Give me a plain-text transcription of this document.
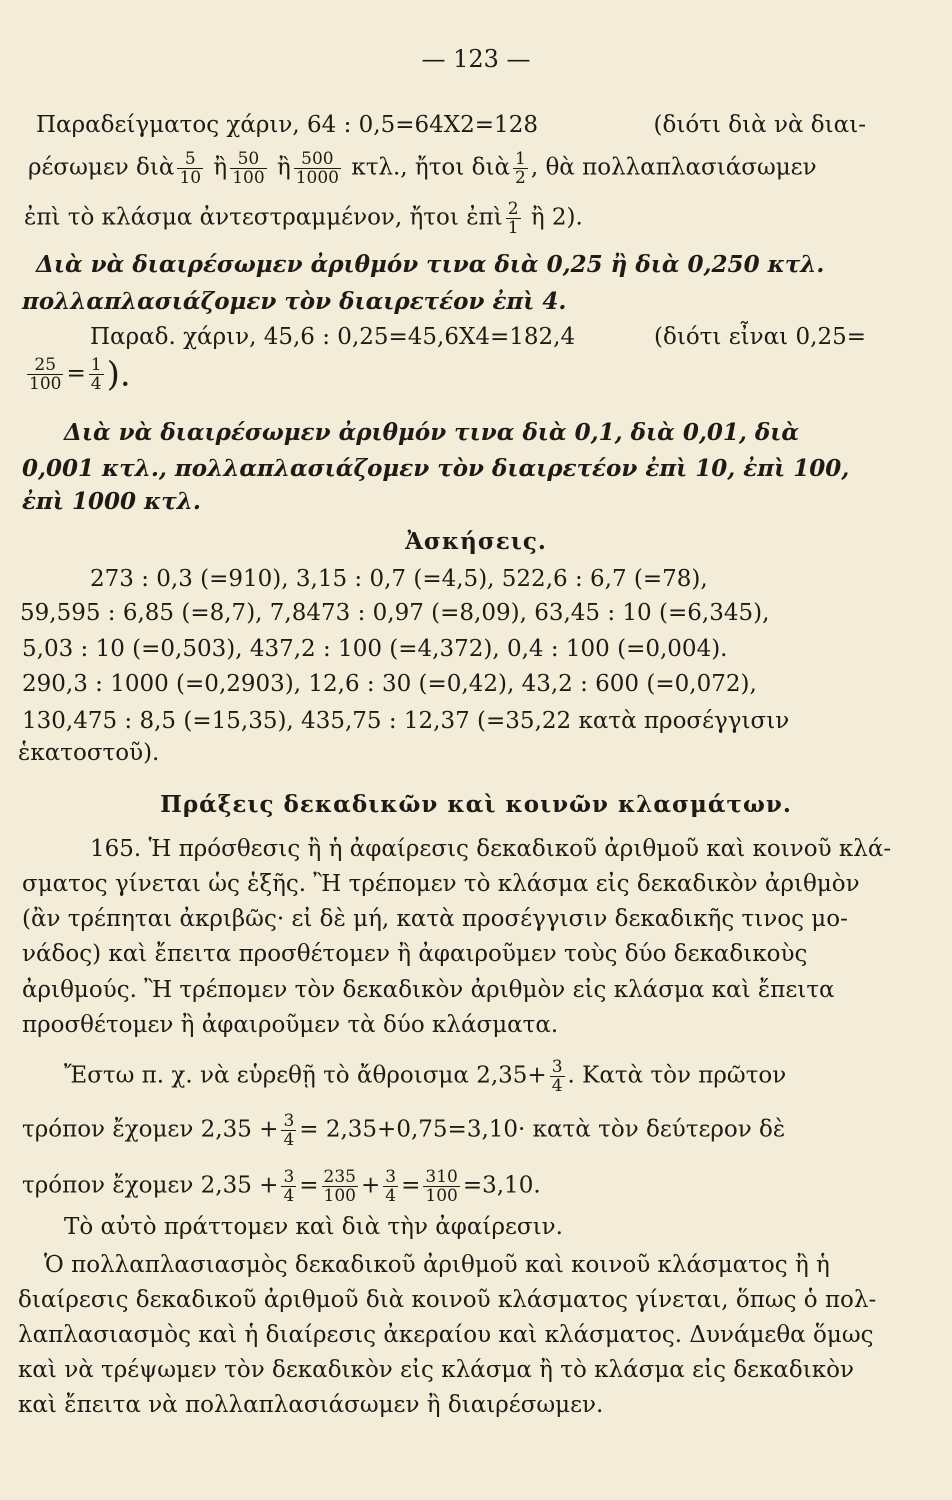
— 123 —
Παραδείγματος χάριν, 64 : 0,5=64Χ2=128	(διότι διὰ νὰ διαι-
ρέσωμεν διὰ $\frac{5}{10}$ ἢ $\frac{50}{100}$ ἢ $\frac{500}{1000} \kappa\tau\lambda$., ἤτοι διὰ $\frac{1}{2}$ , θὰ πολλαπλασιάσωμεν
ἐπὶ τὸ κλάσμα ἀντεστραμμένον, ἤτοι ἐπὶ $\frac{2}{1}$ ἢ 2).
Διὰ νὰ διαιρέσωμεν ἀριθμόν τινα διὰ 0,25 ἢ διὰ 0,250 κτλ.
πολλαπλασιάζομεν τὸν διαιρετέον ἐπὶ 4.
Παραδ. χάριν, 45,6 : 0,25=45,6Χ4=182,4	(διότι εἶναι 0,25=
$\frac{25}{100} = \frac{1}{4}$ ).
Διὰ νὰ διαιρέσωμεν ἀριθμόν τινα διὰ 0,1, διὰ 0,01, διὰ
0,001 κτλ., πολλαπλασιάζομεν τὸν διαιρετέον ἐπὶ 10, ἐπὶ 100,
ἐπὶ 1000 κτλ.
Ἀσκήσεις.
273 : 0,3 (=910), 3,15 : 0,7 (=4,5), 522,6 : 6,7 (=78),
59,595 : 6,85 (=8,7), 7,8473 : 0,97 (=8,09), 63,45 : 10 (=6,345),
5,03 : 10 (=0,503), 437,2 : 100 (=4,372), 0,4 : 100 (=0,004).
290,3 : 1000 (=0,2903), 12,6 : 30 (=0,42), 43,2 : 600 (=0,072),
130,475 : 8,5 (=15,35), 435,75 : 12,37 (=35,22 κατὰ προσέγγισιν
ἑκατοστοῦ).
Πράξεις δεκαδικῶν καὶ κοινῶν κλασμάτων.
165. Ἡ πρόσθεσις ἢ ἡ ἀφαίρεσις δεκαδικοῦ ἀριθμοῦ καὶ κοινοῦ κλά-
σματος γίνεται ὡς ἑξῆς. Ἢ τρέπομεν τὸ κλάσμα εἰς δεκαδικὸν ἀριθμὸν
(ἂν τρέπηται ἀκριβῶς· εἰ δὲ μή, κατὰ προσέγγισιν δεκαδικῆς τινος μο-
νάδος) καὶ ἔπειτα προσθέτομεν ἢ ἀφαιροῦμεν τοὺς δύο δεκαδικοὺς
ἀριθμούς. Ἢ τρέπομεν τὸν δεκαδικὸν ἀριθμὸν εἰς κλάσμα καὶ ἔπειτα
προσθέτομεν ἢ ἀφαιροῦμεν τὰ δύο κλάσματα.
Ἔστω π. χ. νὰ εὑρεθῇ τὸ ἄθροισμα $2,35+ \frac{3}{4}$ . Κατὰ τὸν πρῶτον
τρόπον ἔχομεν $2,35 + \frac{3}{4} = 2,35+0,75=3,10\cdot$ κατὰ τὸν δεύτερον δὲ
τρόπον ἔχομεν $2,35 + \frac{3}{4} = \frac{235}{100} + \frac{3}{4} = \frac{310}{100} =3,10$.
Τὸ αὐτὸ πράττομεν καὶ διὰ τὴν ἀφαίρεσιν.
Ὁ πολλαπλασιασμὸς δεκαδικοῦ ἀριθμοῦ καὶ κοινοῦ κλάσματος ἢ ἡ
διαίρεσις δεκαδικοῦ ἀριθμοῦ διὰ κοινοῦ κλάσματος γίνεται, ὅπως ὁ πολ-
λαπλασιασμὸς καὶ ἡ διαίρεσις ἀκεραίου καὶ κλάσματος. Δυνάμεθα ὅμως
καὶ νὰ τρέψωμεν τὸν δεκαδικὸν εἰς κλάσμα ἢ τὸ κλάσμα εἰς δεκαδικὸν
καὶ ἔπειτα νὰ πολλαπλασιάσωμεν ἢ διαιρέσωμεν.
